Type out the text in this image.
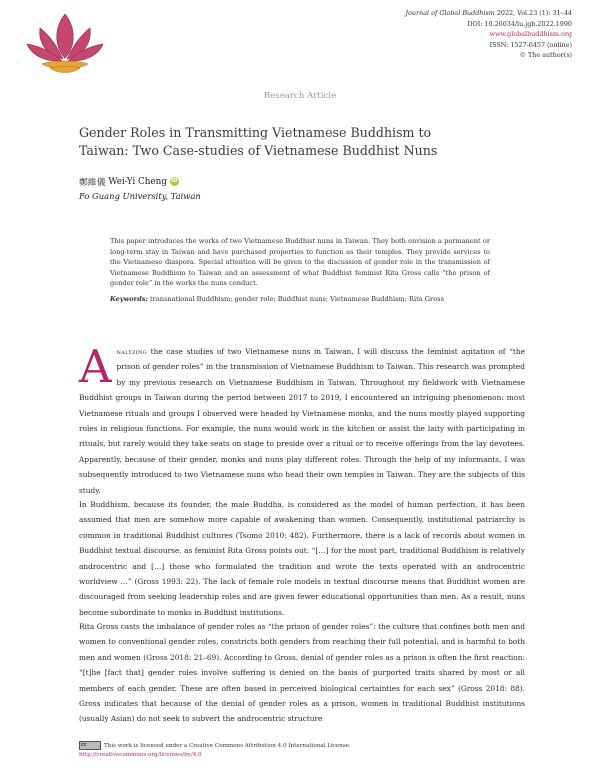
Journal of Global Buddhism 2022, Vol.23 (1): 31–44
DOI: 10.26034/lu.jgb.2022.1990
www.globalbuddhism.org
ISSN: 1527-6457 (online)
© The author(s)
Research Article
Gender Roles in Transmitting Vietnamese Buddhism to
Taiwan: Two Case-studies of Vietnamese Buddhist Nuns
鄭維儀 Wei-Yi Cheng iD
Fo Guang University, Taiwan

This paper introduces the works of two Vietnamese Buddhist nuns in Taiwan. They both envision a permanent or long-term stay in Taiwan and have purchased properties to function as their temples. They provide services to the Vietnamese diaspora. Special attention will be given to the discussion of gender role in the transmission of Vietnamese Buddhism to Taiwan and an assessment of what Buddhist feminist Rita Gross calls “the prison of gender role” in the works the nuns conduct.

Keywords: transnational Buddhism; gender role; Buddhist nuns; Vietnamese Buddhism; Rita Gross

Analyzing the case studies of two Vietnamese nuns in Taiwan, I will discuss the feminist agitation of “the prison of gender roles” in the transmission of Vietnamese Buddhism to Taiwan. This research was prompted by my previous research on Vietnamese Buddhism in Taiwan. Throughout my fieldwork with Vietnamese Buddhist groups in Taiwan during the period between 2017 to 2019, I encountered an intriguing phenomenon: most Vietnamese rituals and groups I observed were headed by Vietnamese monks, and the nuns mostly played supporting roles in religious functions. For example, the nuns would work in the kitchen or assist the laity with participating in rituals, but rarely would they take seats on stage to preside over a ritual or to receive offerings from the lay devotees. Apparently, because of their gender, monks and nuns play different roles. Through the help of my informants, I was subsequently introduced to two Vietnamese nuns who head their own temples in Taiwan. They are the subjects of this study.

In Buddhism, because its founder, the male Buddha, is considered as the model of human perfection, it has been assumed that men are somehow more capable of awakening than women. Consequently, institutional patriarchy is common in traditional Buddhist cultures (Tsomo 2010: 482). Furthermore, there is a lack of records about women in Buddhist textual discourse, as feminist Rita Gross points out: “[…] for the most part, traditional Buddhism is relatively androcentric and […] those who formulated the tradition and wrote the texts operated with an androcentric worldview …” (Gross 1993: 22). The lack of female role models in textual discourse means that Buddhist women are discouraged from seeking leadership roles and are given fewer educational opportunities than men. As a result, nuns become subordinate to monks in Buddhist institutions.

Rita Gross casts the imbalance of gender roles as “the prison of gender roles”: the culture that confines both men and women to conventional gender roles, constricts both genders from reaching their full potential, and is harmful to both men and women (Gross 2018: 21–69). According to Gross, denial of gender roles as a prison is often the first reaction: “[t]he [fact that] gender roles involve suffering is denied on the basis of purported traits shared by most or all members of each gender. These are often based in perceived biological certainties for each sex” (Gross 2018: 88). Gross indicates that because of the denial of gender roles as a prison, women in traditional Buddhist institutions (usually Asian) do not seek to subvert the androcentric structure

ccThis work is licensed under a Creative Commons Attribution 4.0 International License.
http://creativecommons.org/licenses/by/4.0
